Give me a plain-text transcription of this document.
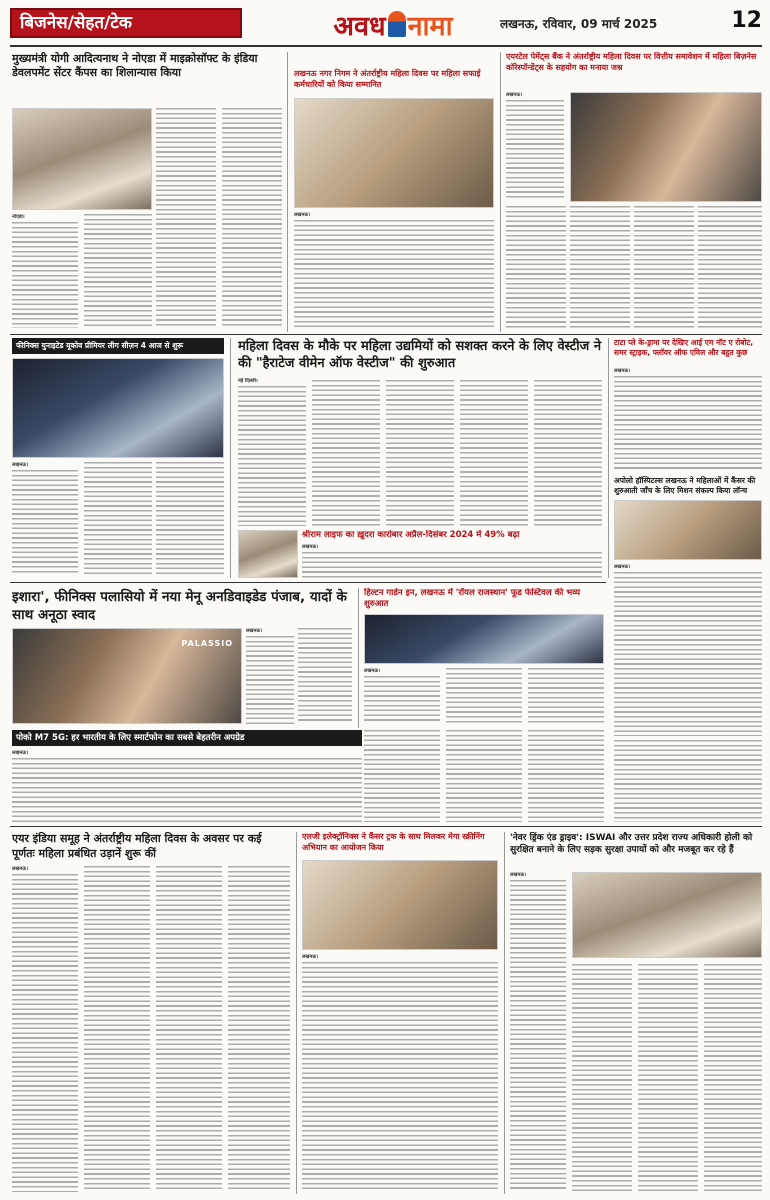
बिजनेस/सेहत/टेक	अवध नामा	लखनऊ, रविवार, 09 मार्च 2025	12
मुख्यमंत्री योगी आदित्यनाथ ने नोएडा में माइक्रोसॉफ्ट के इंडिया डेवलपमेंट सेंटर कैंपस का शिलान्यास किया
नोएडा।
लखनऊ नगर निगम ने अंतर्राष्ट्रीय महिला दिवस पर महिला सफाई कर्मचारियों को किया सम्मानित
लखनऊ।
एयरटेल पेमेंट्स बैंक ने अंतर्राष्ट्रीय महिला दिवस पर वित्तीय समावेशन में महिला बिज़नेस कॉरेस्पॉन्डेंट्स के सहयोग का मनाया जश्न
लखनऊ।
फीनिक्स युनाइटेड यूकोव प्रीमियर लीग सीज़न 4 आज से शुरू
लखनऊ।
महिला दिवस के मौके पर महिला उद्यमियों को सशक्त करने के लिए वेस्टीज ने की "हैराटेज वीमेन ऑफ वेस्टीज" की शुरुआत
नई दिल्ली।
श्रीराम लाइफ का ख़ुदरा कारोबार अप्रैल-दिसंबर 2024 में 49% बढ़ा
लखनऊ।
टाटा प्ले के-ड्रामा पर देखिए आई एम नॉट ए रोबोट, समर स्ट्राइक, फ्लॉवर ऑफ एविल और बहुत कुछ
लखनऊ।
अपोलो हॉस्पिटल्स लखनऊ ने महिलाओं में कैंसर की शुरुआती जाँच के लिए मिशन संकल्प किया लॉन्च
लखनऊ।
इशारा', फीनिक्स पलासियो में नया मेनू अनडिवाइडेड पंजाब, यादों के साथ अनूठा स्वाद
PALASSIO
लखनऊ।
हिल्टन गार्डन इन, लखनऊ में 'रॉयल राजस्थान' फूड फेस्टिवल की भव्य शुरुआत
लखनऊ।
पोको M7 5G: हर भारतीय के लिए स्मार्टफोन का सबसे बेहतरीन अपग्रेड
लखनऊ।
एयर इंडिया समूह ने अंतर्राष्ट्रीय महिला दिवस के अवसर पर कई पूर्णतः महिला प्रबंधित उड़ानें शुरू कीं
लखनऊ।
एलजी इलेक्ट्रॉनिक्स ने कैंसर ट्रक के साथ मिलकर मेगा स्क्रीनिंग अभियान का आयोजन किया
लखनऊ।
'नेवर ड्रिंक एंड ड्राइव': ISWAI और उत्तर प्रदेश राज्य अधिकारी होली को सुरक्षित बनाने के लिए सड़क सुरक्षा उपायों को और मजबूत कर रहे हैं
लखनऊ।
